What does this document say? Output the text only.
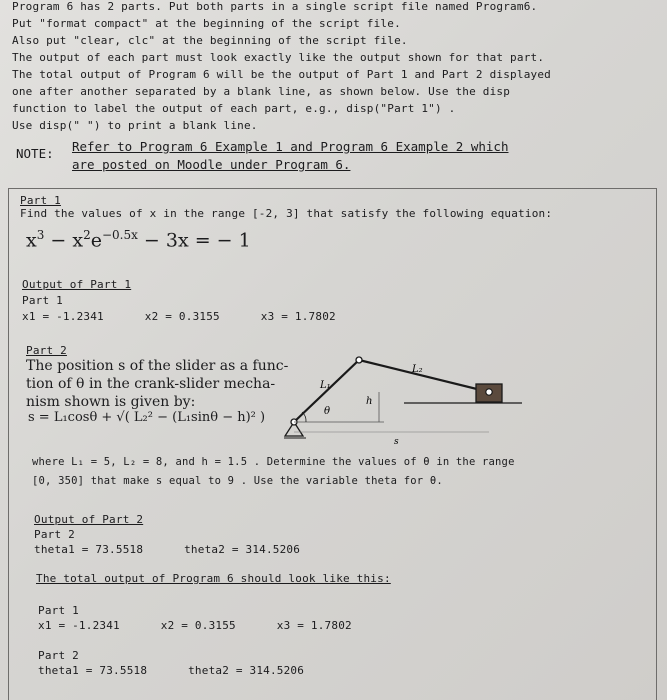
Program 6 has 2 parts. Put both parts in a single script file named Program6.
Put "format compact" at the beginning of the script file.
Also put "clear, clc" at the beginning of the script file.
The output of each part must look exactly like the output shown for that part.
The total output of Program 6 will be the output of Part 1 and Part 2 displayed
one after another separated by a blank line, as shown below. Use the disp
function to label the output of each part, e.g., disp("Part 1") .
Use disp(" ") to print a blank line.
NOTE: Refer to Program 6 Example 1 and Program 6 Example 2 which
are posted on Moodle under Program 6.
Part 1
Find the values of x in the range [-2, 3] that satisfy the following equation:
$x^3 - x^2e^{-0.5x} - 3x$ = − 1
Output of Part 1
Part 1
x1 = -1.2341      x2 = 0.3155      x3 = 1.7802
Part 2
The position s of the slider as a func-
tion of θ in the crank-slider mecha-
nism shown is given by:
s = L₁cosθ + √( L₂² − (L₁sinθ − h)² )
L₁
L₂
θ
h
s
where L₁ = 5, L₂ = 8, and h = 1.5 . Determine the values of θ in the range
[0, 350] that make s equal to 9 . Use the variable theta for θ.
Output of Part 2
Part 2
theta1 = 73.5518      theta2 = 314.5206
The total output of Program 6 should look like this:
Part 1
x1 = -1.2341      x2 = 0.3155      x3 = 1.7802
Part 2
theta1 = 73.5518      theta2 = 314.5206
